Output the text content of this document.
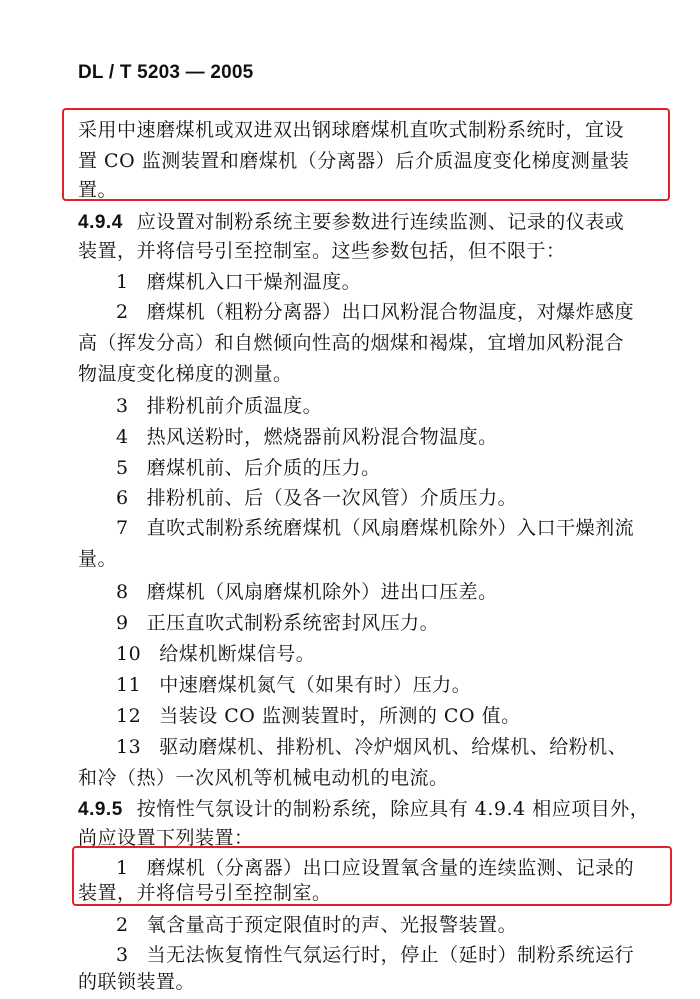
DL / T 5203 — 2005
采用中速磨煤机或双进双出钢球磨煤机直吹式制粉系统时，宜设
置 CO 监测装置和磨煤机（分离器）后介质温度变化梯度测量装
置。
4.9.4 应设置对制粉系统主要参数进行连续监测、记录的仪表或
装置，并将信号引至控制室。这些参数包括，但不限于：
1 磨煤机入口干燥剂温度。
2 磨煤机（粗粉分离器）出口风粉混合物温度，对爆炸感度
高（挥发分高）和自燃倾向性高的烟煤和褐煤，宜增加风粉混合
物温度变化梯度的测量。
3 排粉机前介质温度。
4 热风送粉时，燃烧器前风粉混合物温度。
5 磨煤机前、后介质的压力。
6 排粉机前、后（及各一次风管）介质压力。
7 直吹式制粉系统磨煤机（风扇磨煤机除外）入口干燥剂流
量。
8 磨煤机（风扇磨煤机除外）进出口压差。
9 正压直吹式制粉系统密封风压力。
10 给煤机断煤信号。
11 中速磨煤机氮气（如果有时）压力。
12 当装设 CO 监测装置时，所测的 CO 值。
13 驱动磨煤机、排粉机、冷炉烟风机、给煤机、给粉机、
和冷（热）一次风机等机械电动机的电流。
4.9.5 按惰性气氛设计的制粉系统，除应具有 4.9.4 相应项目外，
尚应设置下列装置：
1 磨煤机（分离器）出口应设置氧含量的连续监测、记录的
装置，并将信号引至控制室。
2 氧含量高于预定限值时的声、光报警装置。
3 当无法恢复惰性气氛运行时，停止（延时）制粉系统运行
的联锁装置。
